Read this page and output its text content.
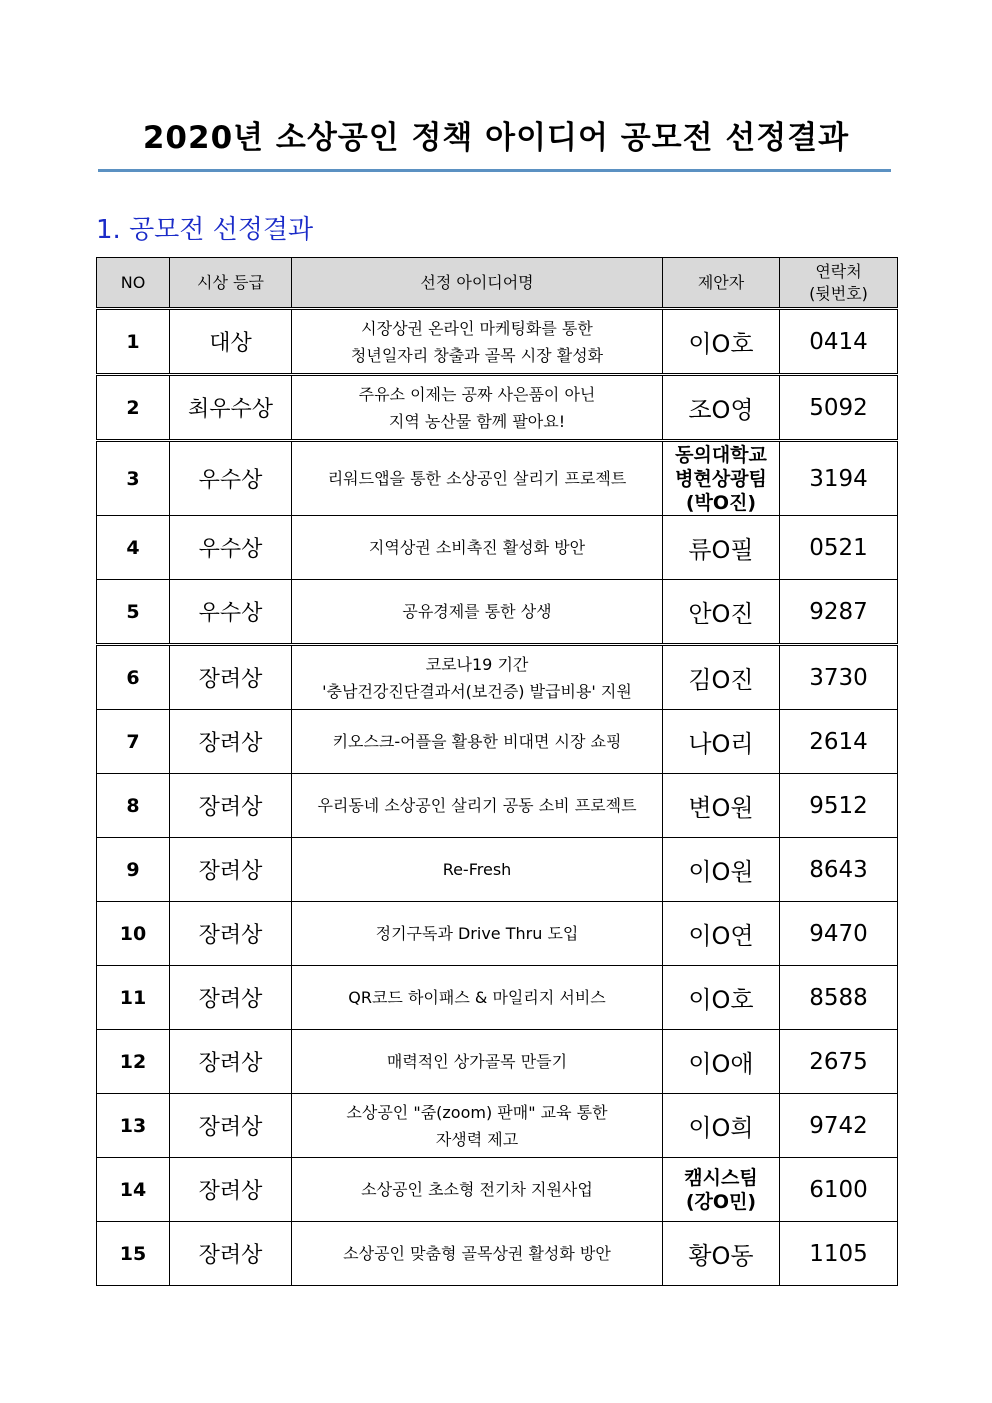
2020년 소상공인 정책 아이디어 공모전 선정결과
1. 공모전 선정결과
NO	시상 등급	선정 아이디어명	제안자	연락처
(뒷번호)
1	대상	시장상권 온라인 마케팅화를 통한
청년일자리 창출과 골목 시장 활성화	이O호	0414
2	최우수상	주유소 이제는 공짜 사은품이 아닌
지역 농산물 함께 팔아요!	조O영	5092
3	우수상	리워드앱을 통한 소상공인 살리기 프로젝트	동의대학교
병현상광팀
(박O진)	3194
4	우수상	지역상권 소비촉진 활성화 방안	류O필	0521
5	우수상	공유경제를 통한 상생	안O진	9287
6	장려상	코로나19 기간
'충남건강진단결과서(보건증) 발급비용' 지원	김O진	3730
7	장려상	키오스크-어플을 활용한 비대면 시장 쇼핑	나O리	2614
8	장려상	우리동네 소상공인 살리기 공동 소비 프로젝트	변O원	9512
9	장려상	Re-Fresh	이O원	8643
10	장려상	정기구독과 Drive Thru 도입	이O연	9470
11	장려상	QR코드 하이패스 & 마일리지 서비스	이O호	8588
12	장려상	매력적인 상가골목 만들기	이O애	2675
13	장려상	소상공인 "줌(zoom) 판매" 교육 통한
자생력 제고	이O희	9742
14	장려상	소상공인 초소형 전기차 지원사업	캠시스팀
(강O민)	6100
15	장려상	소상공인 맞춤형 골목상권 활성화 방안	황O동	1105
